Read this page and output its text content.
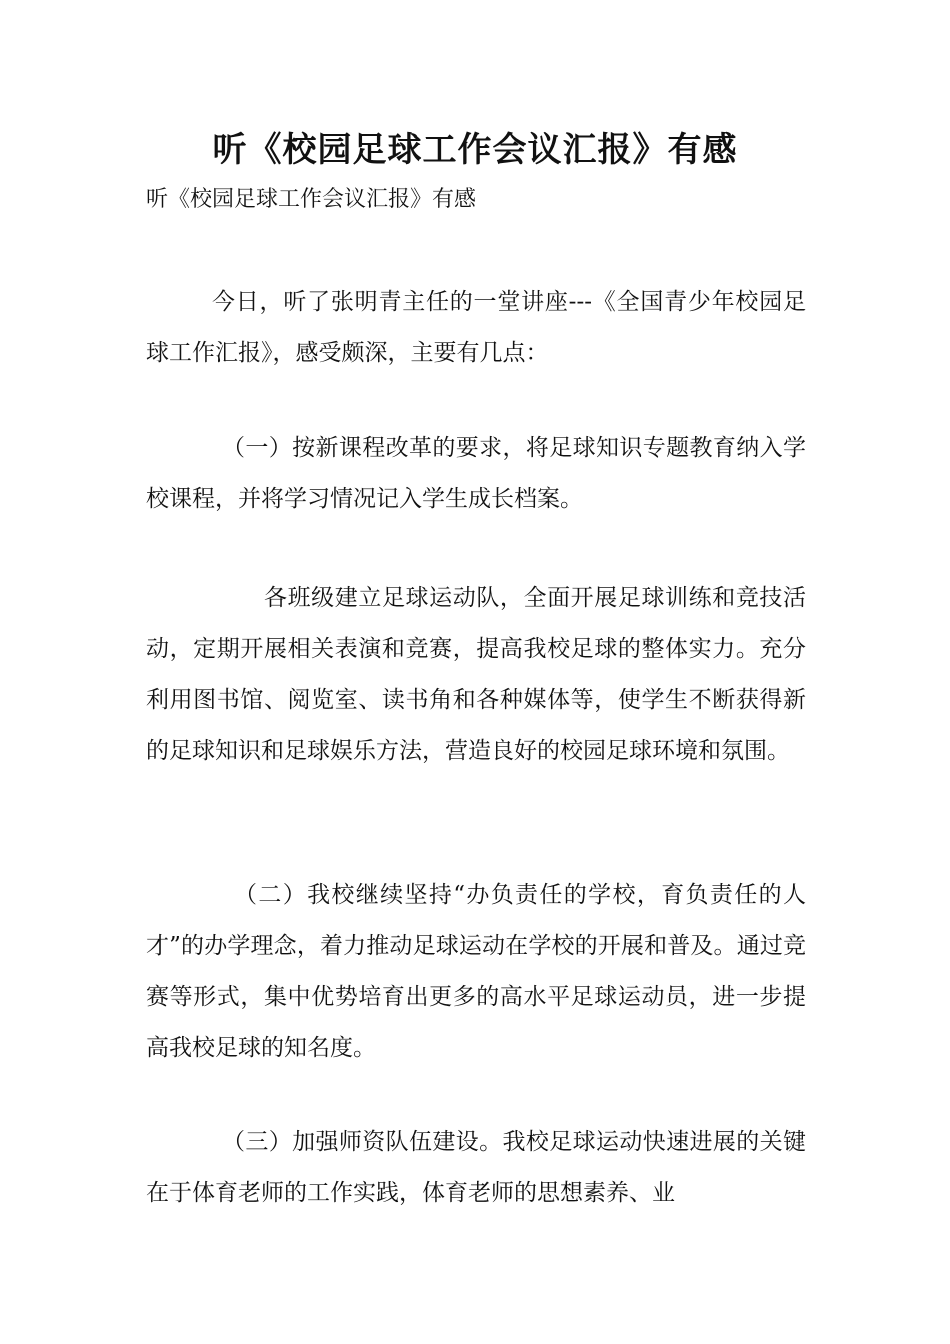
听《校园足球工作会议汇报》有感
听《校园足球工作会议汇报》有感

今日，听了张明青主任的一堂讲座---《全国青少年校园足球工作汇报》，感受颇深，主要有几点：

（一）按新课程改革的要求，将足球知识专题教育纳入学校课程，并将学习情况记入学生成长档案。

各班级建立足球运动队，全面开展足球训练和竞技活动，定期开展相关表演和竞赛，提高我校足球的整体实力。充分利用图书馆、阅览室、读书角和各种媒体等，使学生不断获得新的足球知识和足球娱乐方法，营造良好的校园足球环境和氛围。

（二）我校继续坚持“办负责任的学校，育负责任的人才”的办学理念，着力推动足球运动在学校的开展和普及。通过竞赛等形式，集中优势培育出更多的高水平足球运动员，进一步提高我校足球的知名度。

（三）加强师资队伍建设。我校足球运动快速进展的关键在于体育老师的工作实践，体育老师的思想素养、业
